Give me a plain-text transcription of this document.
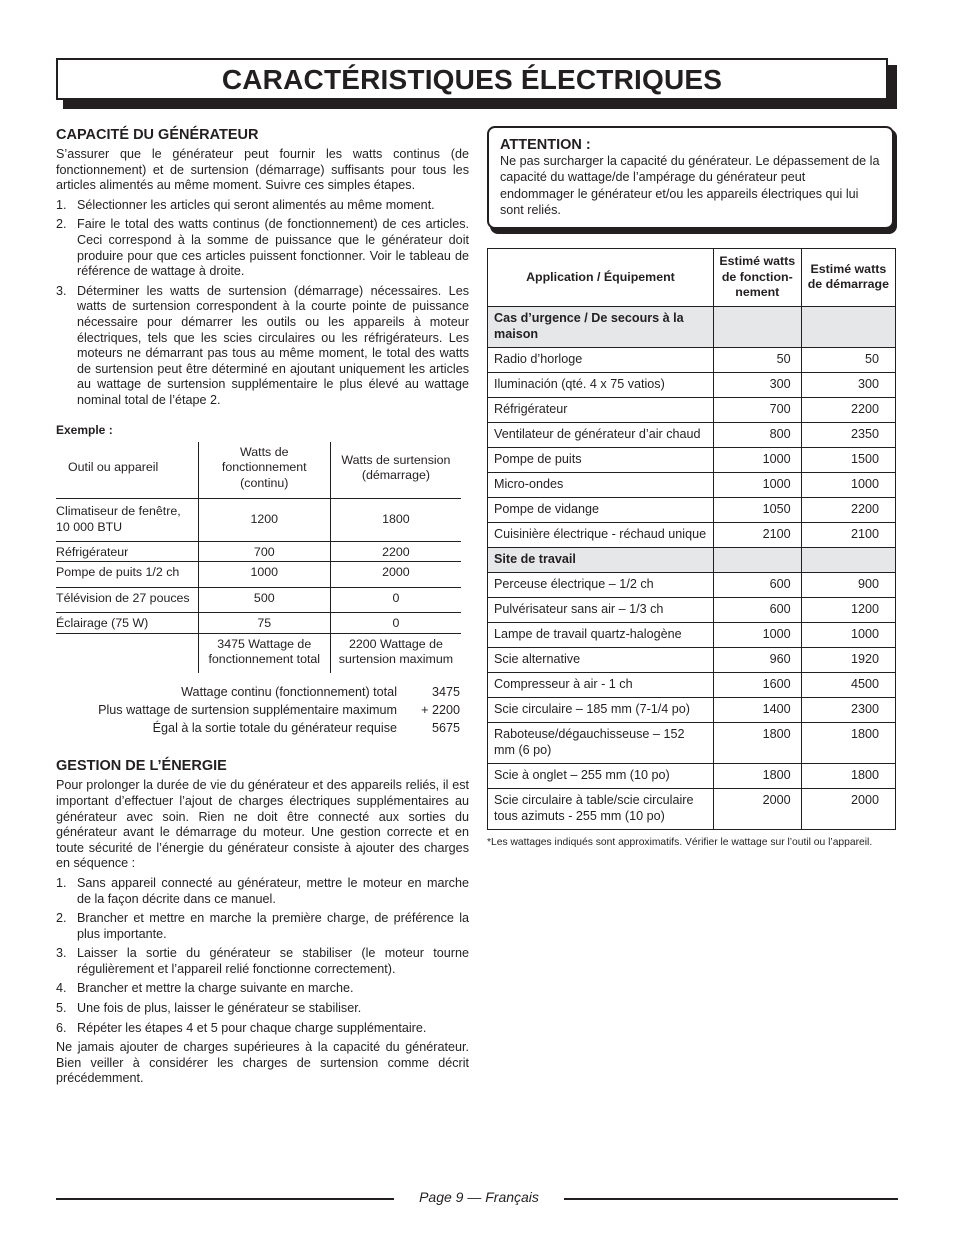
CARACTÉRISTIQUES ÉLECTRIQUES
CAPACITÉ DU GÉNÉRATEUR

S’assurer que le générateur peut fournir les watts continus (de fonctionnement) et de surtension (démarrage) suffisants pour tous les articles alimentés au même moment. Suivre ces simples étapes.

1. Sélectionner les articles qui seront alimentés au même moment.
2. Faire le total des watts continus (de fonctionnement) de ces articles. Ceci correspond à la somme de puissance que le générateur doit produire pour que ces articles puissent fonctionner. Voir le tableau de référence de wattage à droite.
3. Déterminer les watts de surtension (démarrage) nécessaires. Les watts de surtension correspondent à la courte pointe de puissance nécessaire pour démarrer les outils ou les appareils à moteur électriques, tels que les scies circulaires ou les réfrigérateurs. Les moteurs ne démarrant pas tous au même moment, le total des watts de surtension peut être déterminé en ajoutant uniquement les articles au wattage de surtension supplémentaire le plus élevé au wattage nominal total de l’étape 2.
Exemple :
Outil ou appareil	Watts de fonctionnement (continu)	Watts de surtension (démarrage)
Climatiseur de fenêtre, 10 000 BTU	1200	1800
Réfrigérateur	700	2200
Pompe de puits 1/2 ch	1000	2000
Télévision de 27 pouces	500	0
Éclairage (75 W)	75	0
	3475 Wattage de fonctionnement total	2200 Wattage de surtension maximum
Wattage continu (fonctionnement) total	3475
Plus wattage de surtension supplémentaire maximum	+ 2200
Égal à la sortie totale du générateur requise	5675
GESTION DE L’ÉNERGIE

Pour prolonger la durée de vie du générateur et des appareils reliés, il est important d’effectuer l’ajout de charges électriques supplémentaires au générateur avec soin. Rien ne doit être connecté aux sorties du générateur avant le démarrage du moteur. Une gestion correcte et en toute sécurité de l’énergie du générateur consiste à ajouter des charges en séquence :

1. Sans appareil connecté au générateur, mettre le moteur en marche de la façon décrite dans ce manuel.
2. Brancher et mettre en marche la première charge, de préférence la plus importante.
3. Laisser la sortie du générateur se stabiliser (le moteur tourne régulièrement et l’appareil relié fonctionne correctement).
4. Brancher et mettre la charge suivante en marche.
5. Une fois de plus, laisser le générateur se stabiliser.
6. Répéter les étapes 4 et 5 pour chaque charge supplémentaire.

Ne jamais ajouter de charges supérieures à la capacité du générateur. Bien veiller à considérer les charges de surtension comme décrit précédemment.

ATTENTION :
Ne pas surcharger la capacité du générateur. Le dépassement de la capacité du wattage/de l’ampérage du générateur peut endommager le générateur et/ou les appareils électriques qui lui sont reliés.
Application / Équipement	Estimé watts de fonction-nement	Estimé watts de démarrage
Cas d’urgence / De secours à la maison		
Radio d’horloge	50	50
Iluminación (qté. 4 x 75 vatios)	300	300
Réfrigérateur	700	2200
Ventilateur de générateur d’air chaud	800	2350
Pompe de puits	1000	1500
Micro-ondes	1000	1000
Pompe de vidange	1050	2200
Cuisinière électrique - réchaud unique	2100	2100
Site de travail		
Perceuse électrique – 1/2 ch	600	900
Pulvérisateur sans air – 1/3 ch	600	1200
Lampe de travail quartz-halogène	1000	1000
Scie alternative	960	1920
Compresseur à air - 1 ch	1600	4500
Scie circulaire – 185 mm (7-1/4 po)	1400	2300
Raboteuse/dégauchisseuse – 152 mm (6 po)	1800	1800
Scie à onglet – 255 mm (10 po)	1800	1800
Scie circulaire à table/scie circulaire tous azimuts - 255 mm (10 po)	2000	2000
*Les wattages indiqués sont approximatifs. Vérifier le wattage sur l’outil ou l’appareil.
Page 9 — Français
